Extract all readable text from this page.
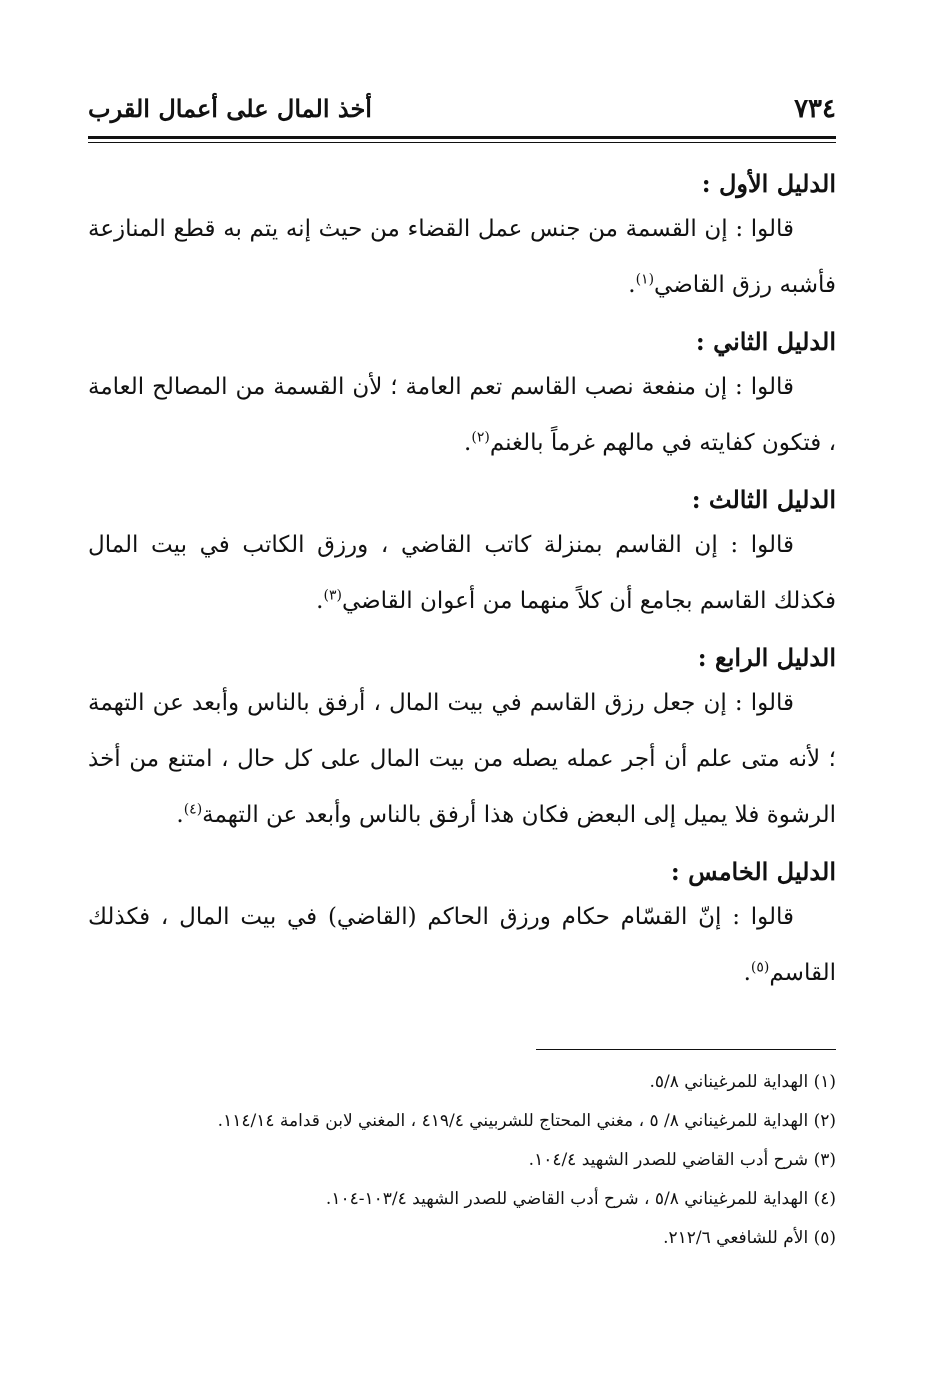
٧٣٤
أخذ المال على أعمال القرب

الدليل الأول :

قالوا : إن القسمة من جنس عمل القضاء من حيث إنه يتم به قطع المنازعة فأشبه رزق القاضي$^{(١)}$.

الدليل الثاني :

قالوا : إن منفعة نصب القاسم تعم العامة ؛ لأن القسمة من المصالح العامة ، فتكون كفايته في مالهم غرماً بالغنم$^{(٢)}$.

الدليل الثالث :

قالوا : إن القاسم بمنزلة كاتب القاضي ، ورزق الكاتب في بيت المال فكذلك القاسم بجامع أن كلاً منهما من أعوان القاضي$^{(٣)}$.

الدليل الرابع :

قالوا : إن جعل رزق القاسم في بيت المال ، أرفق بالناس وأبعد عن التهمة ؛ لأنه متى علم أن أجر عمله يصله من بيت المال على كل حال ، امتنع من أخذ الرشوة فلا يميل إلى البعض فكان هذا أرفق بالناس وأبعد عن التهمة$^{(٤)}$.

الدليل الخامس :

قالوا : إنّ القسّام حكام ورزق الحاكم (القاضي) في بيت المال ، فكذلك القاسم$^{(٥)}$.

(١) الهداية للمرغيناني ٥/٨.

(٢) الهداية للمرغيناني ٨/ ٥ ، مغني المحتاج للشربيني ٤١٩/٤ ، المغني لابن قدامة ١١٤/١٤.

(٣) شرح أدب القاضي للصدر الشهيد ١٠٤/٤.

(٤) الهداية للمرغيناني ٥/٨ ، شرح أدب القاضي للصدر الشهيد ١٠٣/٤-١٠٤.

(٥) الأم للشافعي ٢١٢/٦.
